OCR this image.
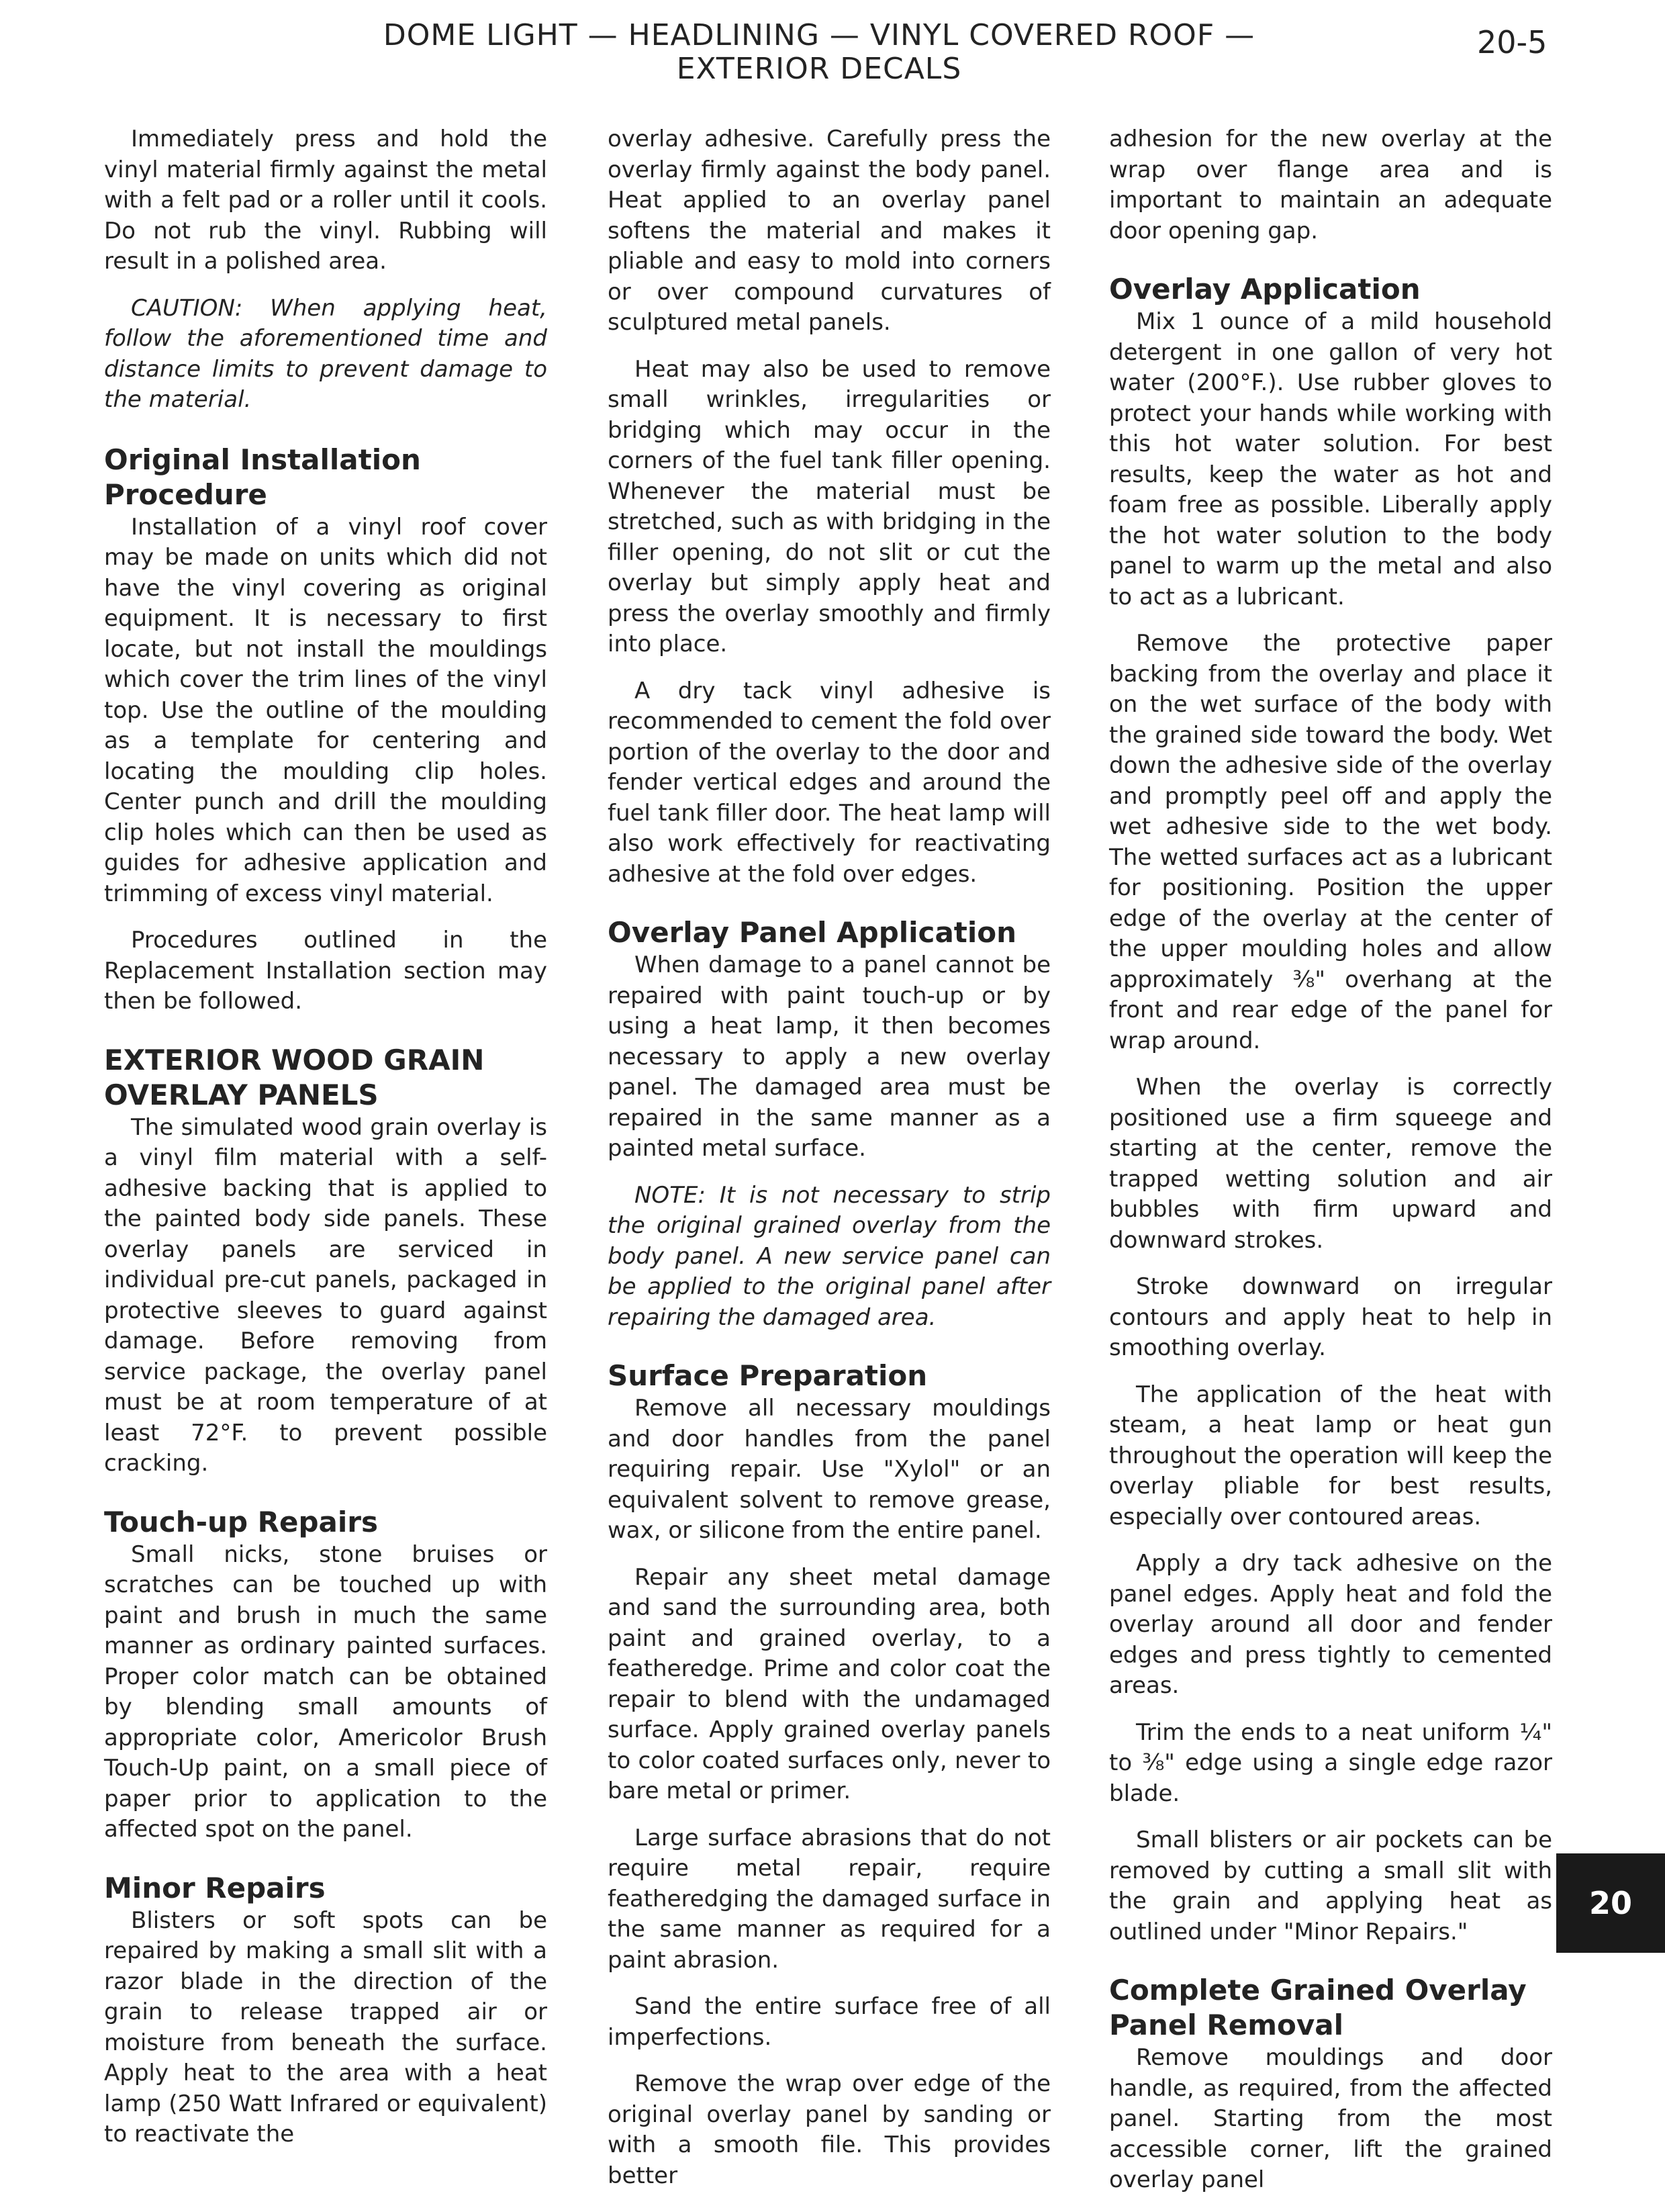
DOME LIGHT — HEADLINING — VINYL COVERED ROOF —
EXTERIOR DECALS
20-5

Immediately press and hold the vinyl material firmly against the metal with a felt pad or a roller until it cools. Do not rub the vinyl. Rubbing will result in a polished area.

CAUTION: When applying heat, follow the aforementioned time and distance limits to prevent damage to the material.

Original Installation Procedure

Installation of a vinyl roof cover may be made on units which did not have the vinyl covering as original equipment. It is necessary to first locate, but not install the mouldings which cover the trim lines of the vinyl top. Use the outline of the moulding as a template for centering and locating the moulding clip holes. Center punch and drill the moulding clip holes which can then be used as guides for adhesive application and trimming of excess vinyl material.

Procedures outlined in the Replacement Installation section may then be followed.

EXTERIOR WOOD GRAIN OVERLAY PANELS

The simulated wood grain overlay is a vinyl film material with a self-adhesive backing that is applied to the painted body side panels. These overlay panels are serviced in individual pre-cut panels, packaged in protective sleeves to guard against damage. Before removing from service package, the overlay panel must be at room temperature of at least 72°F. to prevent possible cracking.

Touch-up Repairs

Small nicks, stone bruises or scratches can be touched up with paint and brush in much the same manner as ordinary painted surfaces. Proper color match can be obtained by blending small amounts of appropriate color, Americolor Brush Touch-Up paint, on a small piece of paper prior to application to the affected spot on the panel.

Minor Repairs

Blisters or soft spots can be repaired by making a small slit with a razor blade in the direction of the grain to release trapped air or moisture from beneath the surface. Apply heat to the area with a heat lamp (250 Watt Infrared or equivalent) to reactivate the

overlay adhesive. Carefully press the overlay firmly against the body panel. Heat applied to an overlay panel softens the material and makes it pliable and easy to mold into corners or over compound curvatures of sculptured metal panels.

Heat may also be used to remove small wrinkles, irregularities or bridging which may occur in the corners of the fuel tank filler opening. Whenever the material must be stretched, such as with bridging in the filler opening, do not slit or cut the overlay but simply apply heat and press the overlay smoothly and firmly into place.

A dry tack vinyl adhesive is recommended to cement the fold over portion of the overlay to the door and fender vertical edges and around the fuel tank filler door. The heat lamp will also work effectively for reactivating adhesive at the fold over edges.

Overlay Panel Application

When damage to a panel cannot be repaired with paint touch-up or by using a heat lamp, it then becomes necessary to apply a new overlay panel. The damaged area must be repaired in the same manner as a painted metal surface.

NOTE: It is not necessary to strip the original grained overlay from the body panel. A new service panel can be applied to the original panel after repairing the damaged area.

Surface Preparation

Remove all necessary mouldings and door handles from the panel requiring repair. Use "Xylol" or an equivalent solvent to remove grease, wax, or silicone from the entire panel.

Repair any sheet metal damage and sand the surrounding area, both paint and grained overlay, to a featheredge. Prime and color coat the repair to blend with the undamaged surface. Apply grained overlay panels to color coated surfaces only, never to bare metal or primer.

Large surface abrasions that do not require metal repair, require featheredging the damaged surface in the same manner as required for a paint abrasion.

Sand the entire surface free of all imperfections.

Remove the wrap over edge of the original overlay panel by sanding or with a smooth file. This provides better

adhesion for the new overlay at the wrap over flange area and is important to maintain an adequate door opening gap.

Overlay Application

Mix 1 ounce of a mild household detergent in one gallon of very hot water (200°F.). Use rubber gloves to protect your hands while working with this hot water solution. For best results, keep the water as hot and foam free as possible. Liberally apply the hot water solution to the body panel to warm up the metal and also to act as a lubricant.

Remove the protective paper backing from the overlay and place it on the wet surface of the body with the grained side toward the body. Wet down the adhesive side of the overlay and promptly peel off and apply the wet adhesive side to the wet body. The wetted surfaces act as a lubricant for positioning. Position the upper edge of the overlay at the center of the upper moulding holes and allow approximately ⅜" overhang at the front and rear edge of the panel for wrap around.

When the overlay is correctly positioned use a firm squeege and starting at the center, remove the trapped wetting solution and air bubbles with firm upward and downward strokes.

Stroke downward on irregular contours and apply heat to help in smoothing overlay.

The application of the heat with steam, a heat lamp or heat gun throughout the operation will keep the overlay pliable for best results, especially over contoured areas.

Apply a dry tack adhesive on the panel edges. Apply heat and fold the overlay around all door and fender edges and press tightly to cemented areas.

Trim the ends to a neat uniform ¼" to ⅜" edge using a single edge razor blade.

Small blisters or air pockets can be removed by cutting a small slit with the grain and applying heat as outlined under "Minor Repairs."

Complete Grained Overlay Panel Removal

Remove mouldings and door handle, as required, from the affected panel. Starting from the most accessible corner, lift the grained overlay panel

20
